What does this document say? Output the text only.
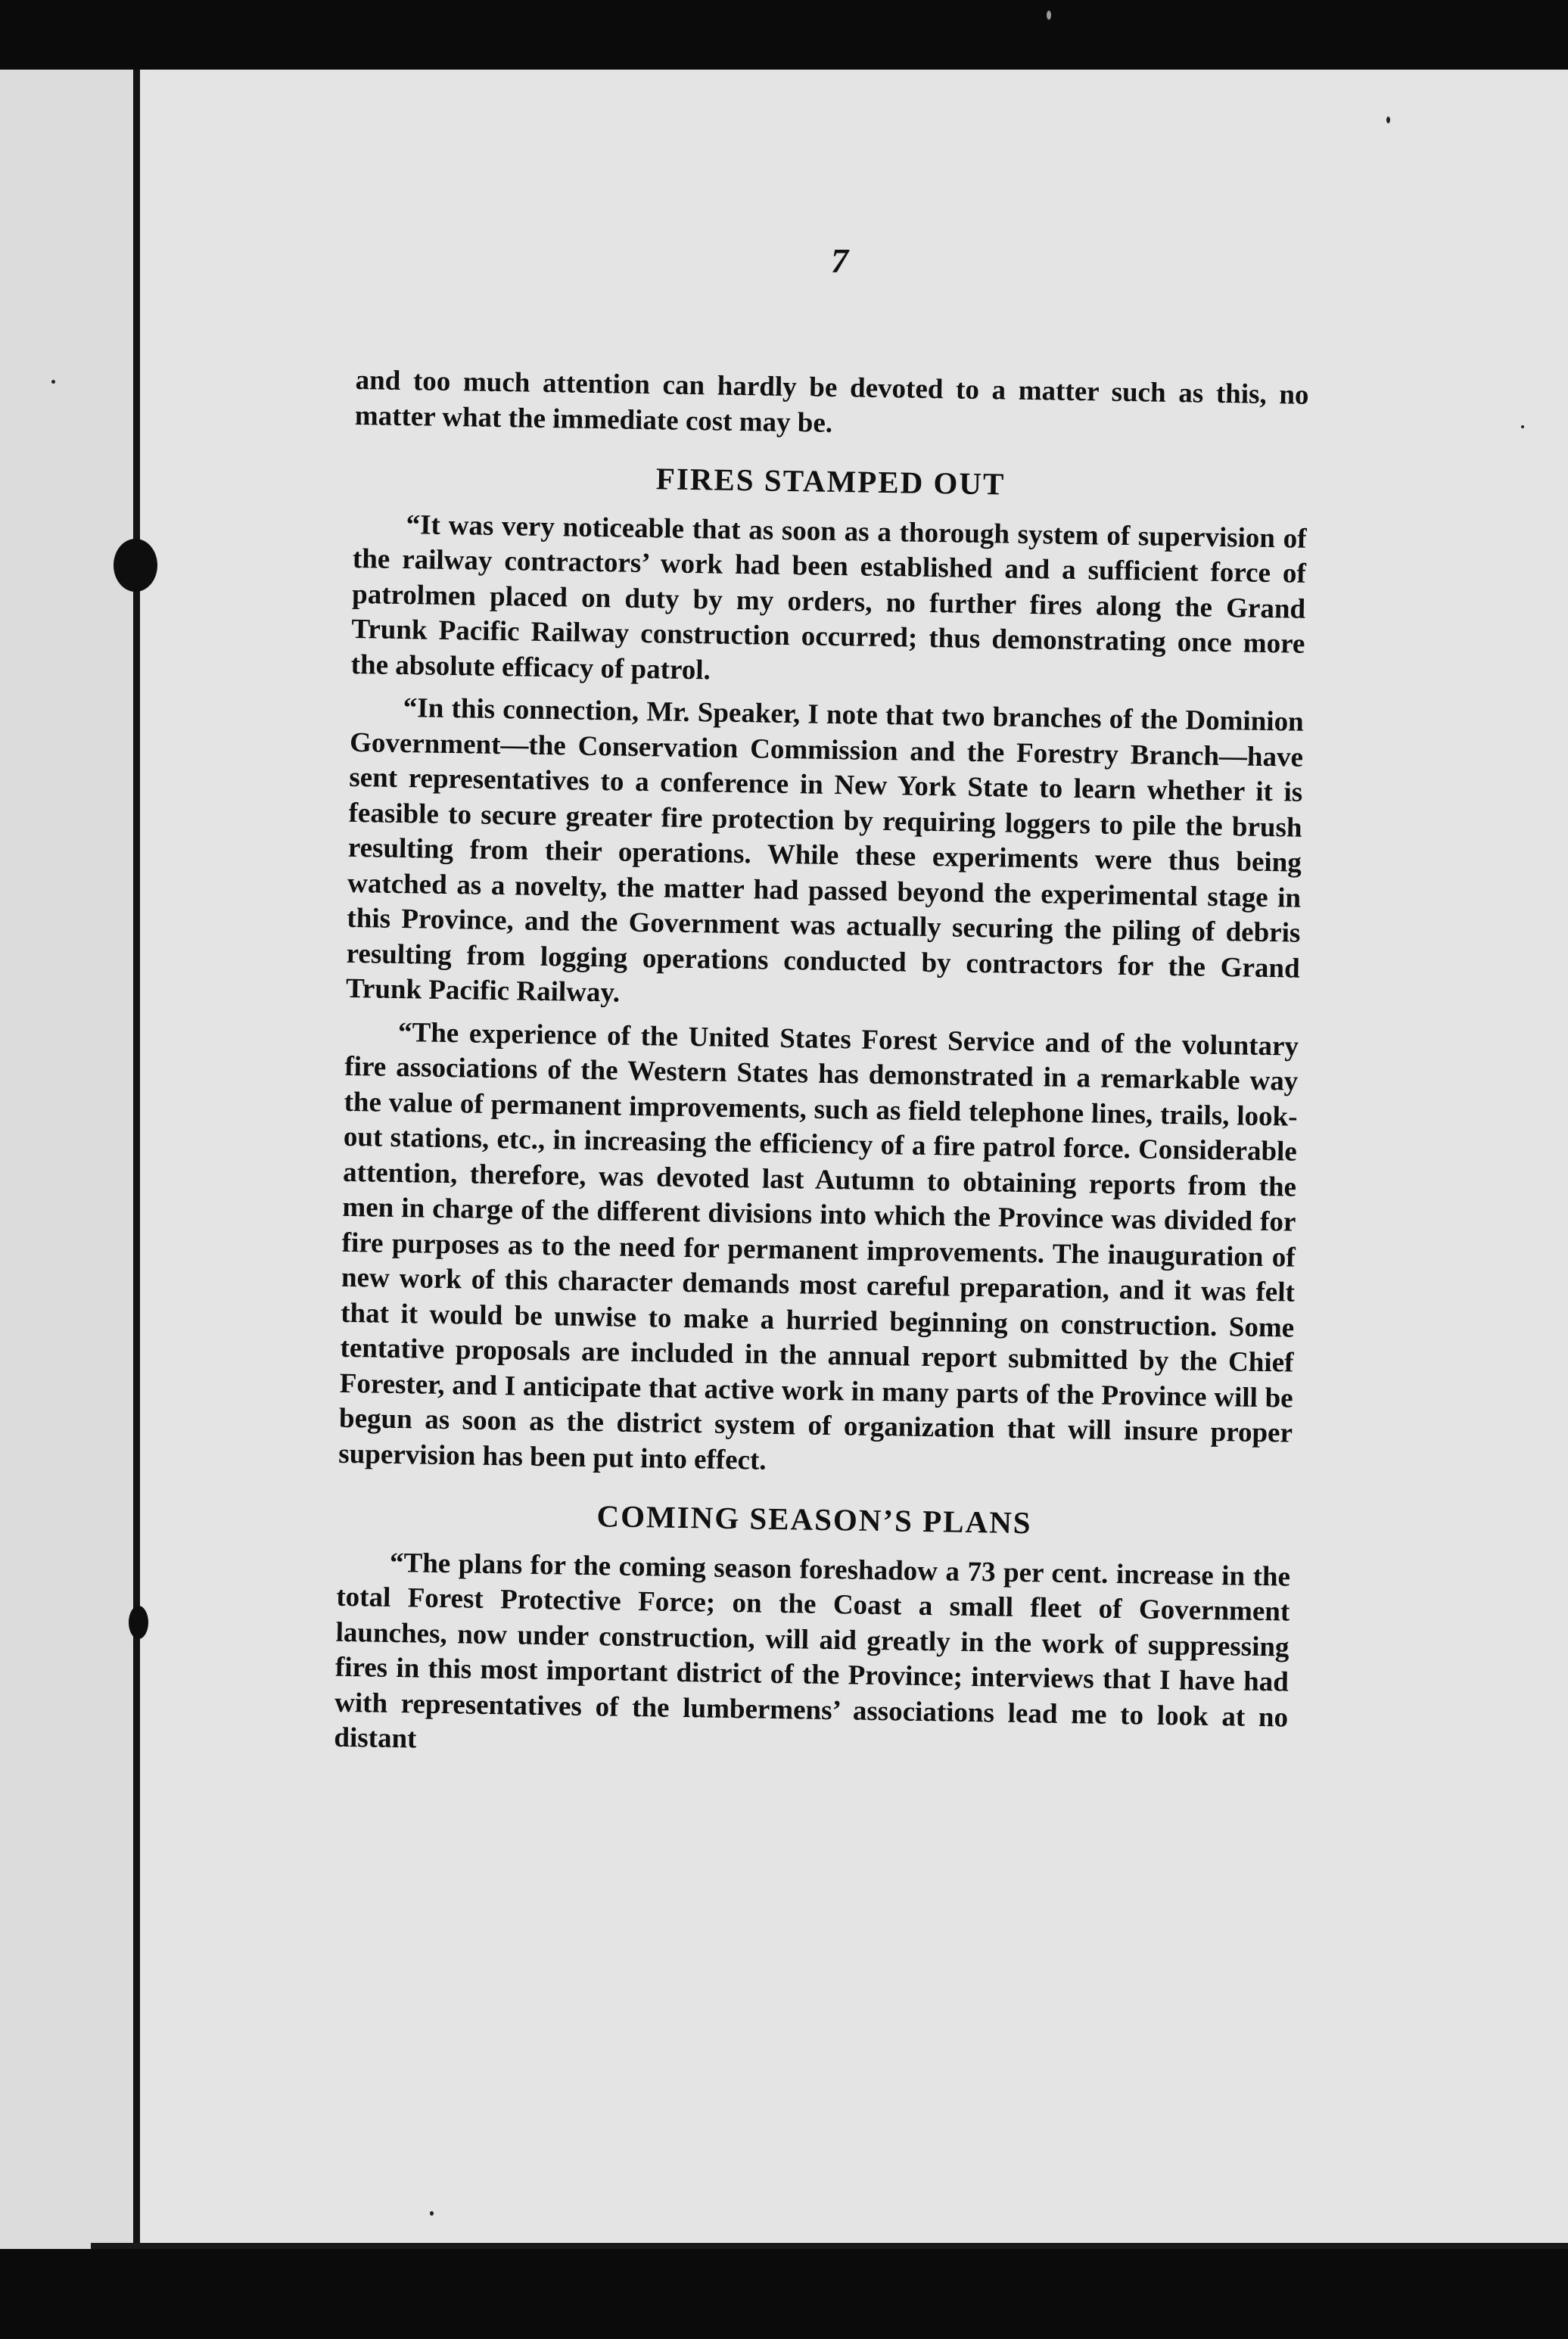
7

and too much attention can hardly be devoted to a matter such as this, no matter what the immediate cost may be.

FIRES STAMPED OUT

“It was very noticeable that as soon as a thorough system of supervision of the railway contractors’ work had been established and a sufficient force of patrolmen placed on duty by my orders, no further fires along the Grand Trunk Pacific Railway construction occurred; thus demonstrating once more the absolute efficacy of patrol.

“In this connection, Mr. Speaker, I note that two branches of the Dominion Government—the Conservation Commission and the Forestry Branch—have sent representatives to a conference in New York State to learn whether it is feasible to secure greater fire protection by requiring loggers to pile the brush resulting from their operations. While these experiments were thus being watched as a novelty, the matter had passed beyond the experimental stage in this Province, and the Government was actually securing the piling of debris resulting from logging operations conducted by contractors for the Grand Trunk Pacific Railway.

“The experience of the United States Forest Service and of the voluntary fire associations of the Western States has demonstrated in a remarkable way the value of permanent improvements, such as field telephone lines, trails, look-out stations, etc., in increasing the efficiency of a fire patrol force. Considerable attention, therefore, was devoted last Autumn to obtaining reports from the men in charge of the different divisions into which the Province was divided for fire purposes as to the need for permanent improvements. The inauguration of new work of this character demands most careful preparation, and it was felt that it would be unwise to make a hurried beginning on construction. Some tentative proposals are included in the annual report submitted by the Chief Forester, and I anticipate that active work in many parts of the Province will be begun as soon as the district system of organization that will insure proper supervision has been put into effect.

COMING SEASON’S PLANS

“The plans for the coming season foreshadow a 73 per cent. increase in the total Forest Protective Force; on the Coast a small fleet of Government launches, now under construction, will aid greatly in the work of suppressing fires in this most important district of the Province; interviews that I have had with representatives of the lumbermens’ associations lead me to look at no distant
